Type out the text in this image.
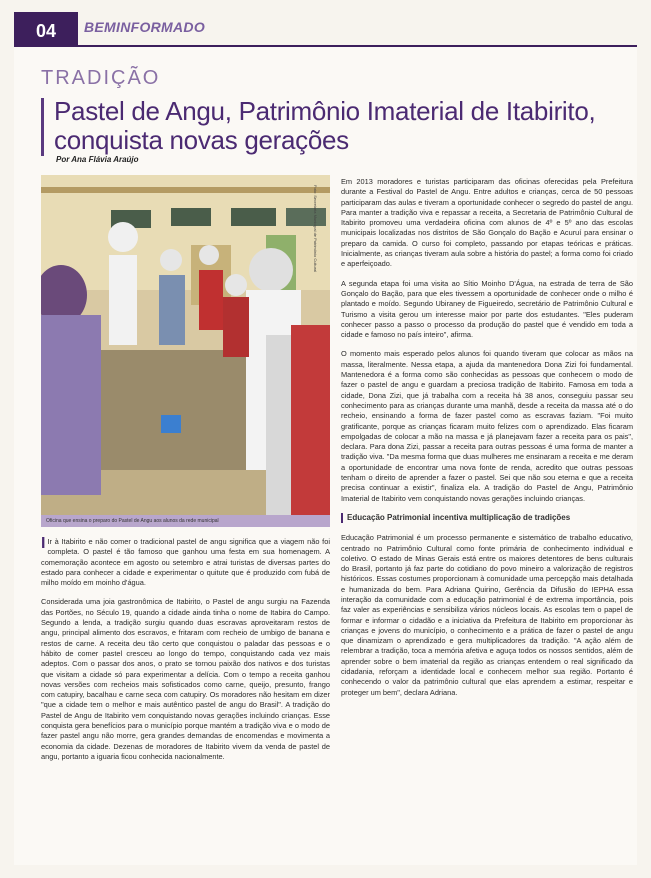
04	BEMINFORMADO
TRADIÇÃO
Pastel de Angu, Patrimônio Imaterial de Itabirito, conquista novas gerações
Por Ana Flávia Araújo
Foto: Secretaria Municipal de Patrimônio Cultural
Oficina que ensina o preparo do Pastel de Angu aos alunos da rede municipal

I Ir à Itabirito e não comer o tradicional pastel de angu significa que a viagem não foi completa. O pastel é tão famoso que ganhou uma festa em sua homenagem. A comemoração acontece em agosto ou setembro e atrai turistas de diversas partes do estado para conhecer a cidade e experimentar o quitute que é produzido com fubá de milho moído em moinho d'água.

Considerada uma joia gastronômica de Itabirito, o Pastel de angu surgiu na Fazenda das Portões, no Século 19, quando a cidade ainda tinha o nome de Itabira do Campo. Segundo a lenda, a tradição surgiu quando duas escravas aproveitaram restos de angu, principal alimento dos escravos, e fritaram com recheio de umbigo de banana e restos de carne. A receita deu tão certo que conquistou o paladar das pessoas e o hábito de comer pastel cresceu ao longo do tempo, conquistando cada vez mais adeptos. Com o passar dos anos, o prato se tornou paixão dos nativos e dos turistas que visitam a cidade só para experimentar a delícia. Com o tempo a receita ganhou novas versões com recheios mais sofisticados como carne, queijo, presunto, frango com catupiry, bacalhau e carne seca com catupiry. Os moradores não hesitam em dizer "que a cidade tem o melhor e mais autêntico pastel de angu do Brasil". A tradição do Pastel de Angu de Itabirito vem conquistando novas gerações incluindo crianças. Esse conquista gera benefícios para o município porque mantém a tradição viva e o modo de fazer pastel angu não morre, gera grandes demandas de encomendas e movimenta a economia da cidade. Dezenas de moradores de Itabirito vivem da venda de pastel de angu, portanto a iguaria ficou conhecida nacionalmente.

Em 2013 moradores e turistas participaram das oficinas oferecidas pela Prefeitura durante a Festival do Pastel de Angu. Entre adultos e crianças, cerca de 50 pessoas participaram das aulas e tiveram a oportunidade conhecer o segredo do pastel de angu. Para manter a tradição viva e repassar a receita, a Secretaria de Patrimônio Cultural de Itabirito promoveu uma verdadeira oficina com alunos de 4º e 5º ano das escolas municipais localizadas nos distritos de São Gonçalo do Bação e Acuruí para ensinar o preparo da camida. O curso foi completo, passando por etapas teóricas e práticas. Inicialmente, as crianças tiveram aula sobre a história do pastel; a forma como foi criado e aperfeiçoado.

A segunda etapa foi uma visita ao Sítio Moinho D'Água, na estrada de terra de São Gonçalo do Bação, para que eles tivessem a oportunidade de conhecer onde o milho é plantado e moído. Segundo Ubiraney de Figueiredo, secretário de Patrimônio Cultural e Turismo a visita gerou um interesse maior por parte dos estudantes. "Eles puderam conhecer passo a passo o processo da produção do pastel que é vendido em toda a cidade e famoso no país inteiro", afirma.

O momento mais esperado pelos alunos foi quando tiveram que colocar as mãos na massa, literalmente. Nessa etapa, a ajuda da mantenedora Dona Zizi foi fundamental. Mantenedora é a forma como são conhecidas as pessoas que conhecem o modo de fazer o pastel de angu e guardam a preciosa tradição de Itabirito. Famosa em toda a cidade, Dona Zizi, que já trabalha com a receita há 38 anos, conseguiu passar seu conhecimento para as crianças durante uma manhã, desde a receita da massa até o do recheio, ensinando a forma de fazer pastel como as escravas faziam. "Foi muito gratificante, porque as crianças ficaram muito felizes com o aprendizado. Elas ficaram empolgadas de colocar a mão na massa e já planejavam fazer a receita para os pais", declara. Para dona Zizi, passar a receita para outras pessoas é uma forma de manter a tradição viva. "Da mesma forma que duas mulheres me ensinaram a receita e me deram a oportunidade de encontrar uma nova fonte de renda, acredito que outras pessoas tenham o direito de aprender a fazer o pastel. Sei que não sou eterna e que a receita precisa continuar a existir", finaliza ela. A tradição do Pastel de Angu, Patrimônio Imaterial de Itabirito vem conquistando novas gerações incluindo crianças.

Educação Patrimonial incentiva multiplicação de tradições

Educação Patrimonial é um processo permanente e sistemático de trabalho educativo, centrado no Patrimônio Cultural como fonte primária de conhecimento individual e coletivo. O estado de Minas Gerais está entre os maiores detentores de bens culturais do Brasil, portanto já faz parte do cotidiano do povo mineiro a valorização de registros históricos. Essas costumes proporcionam à comunidade uma percepção mais detalhada e humanizada do bem. Para Adriana Quirino, Gerência da Difusão do IEPHA essa interação da comunidade com a educação patrimonial é de extrema importância, pois faz valer as experiências e sensibiliza vários núcleos locais. As escolas tem o papel de formar e informar o cidadão e a iniciativa da Prefeitura de Itabirito em proporcionar às crianças e jovens do município, o conhecimento e a prática de fazer o pastel de angu que dinamizam o aprendizado e gera multiplicadores da tradição. "A ação além de relembrar a tradição, toca a memória afetiva e aguça todos os nossos sentidos, além de aprender sobre o bem imaterial da região as crianças entendem o real significado da cidadania, reforçam a identidade local e conhecem melhor sua região. Portanto é conhecendo o valor da patrimônio cultural que elas aprendem a estimar, respeitar e proteger um bem", declara Adriana.
